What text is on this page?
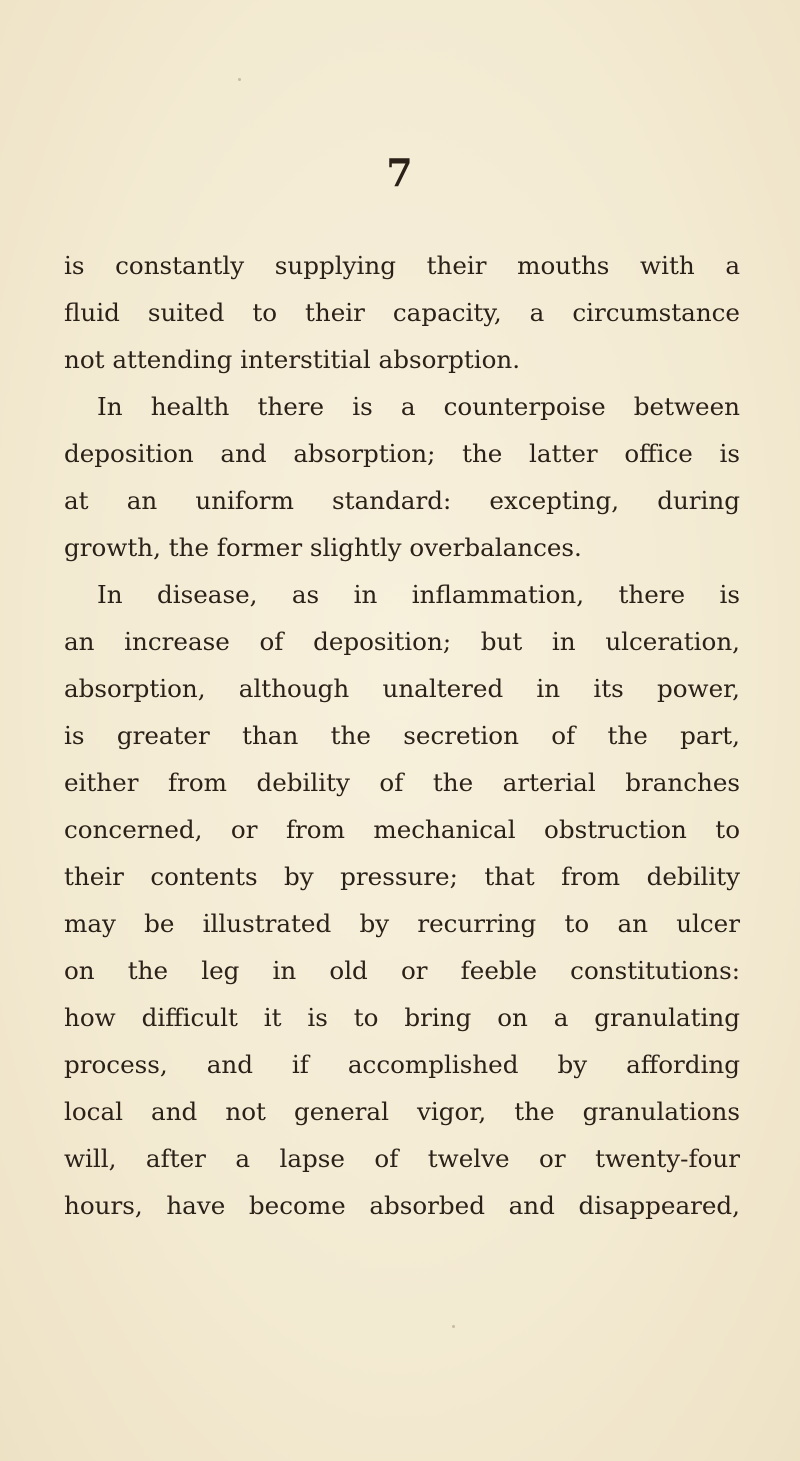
7
is constantly supplying their mouths with a
fluid suited to their capacity, a circumstance
not attending interstitial absorption.
In health there is a counterpoise between
deposition and absorption; the latter office is
at an uniform standard: excepting, during
growth, the former slightly overbalances.
In disease, as in inflammation, there is
an increase of deposition; but in ulceration,
absorption, although unaltered in its power,
is greater than the secretion of the part,
either from debility of the arterial branches
concerned, or from mechanical obstruction to
their contents by pressure; that from debility
may be illustrated by recurring to an ulcer
on the leg in old or feeble constitutions:
how difficult it is to bring on a granulating
process, and if accomplished by affording
local and not general vigor, the granulations
will, after a lapse of twelve or twenty-four
hours, have become absorbed and disappeared,
